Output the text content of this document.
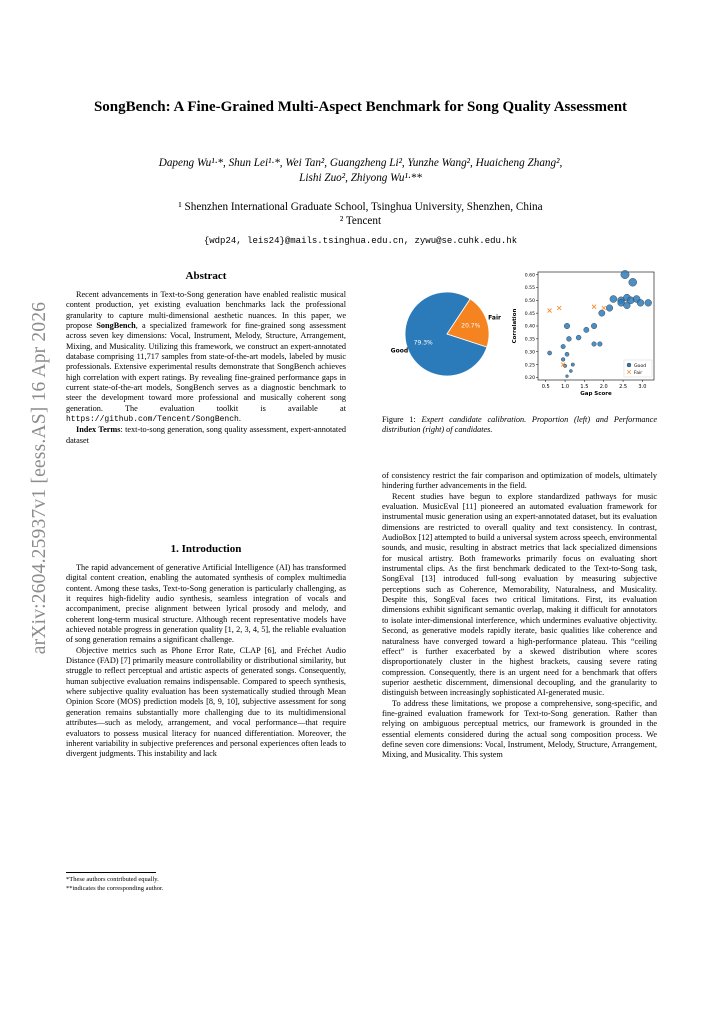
arXiv:2604.25937v1 [eess.AS] 16 Apr 2026
SongBench: A Fine-Grained Multi-Aspect Benchmark for Song Quality Assessment
Dapeng Wu¹·*, Shun Lei¹·*, Wei Tan², Guangzheng Li², Yunzhe Wang², Huaicheng Zhang²,
Lishi Zuo², Zhiyong Wu¹·**
¹ Shenzhen International Graduate School, Tsinghua University, Shenzhen, China
² Tencent
{wdp24, leis24}@mails.tsinghua.edu.cn, zywu@se.cuhk.edu.hk
Abstract

Recent advancements in Text-to-Song generation have enabled realistic musical content production, yet existing evaluation benchmarks lack the professional granularity to capture multi-dimensional aesthetic nuances. In this paper, we propose SongBench, a specialized framework for fine-grained song assessment across seven key dimensions: Vocal, Instrument, Melody, Structure, Arrangement, Mixing, and Musicality. Utilizing this framework, we construct an expert-annotated database comprising 11,717 samples from state-of-the-art models, labeled by music professionals. Extensive experimental results demonstrate that SongBench achieves high correlation with expert ratings. By revealing fine-grained performance gaps in current state-of-the-art models, SongBench serves as a diagnostic benchmark to steer the development toward more professional and musically coherent song generation. The evaluation toolkit is available at https://github.com/Tencent/SongBench.

Index Terms: text-to-song generation, song quality assessment, expert-annotated dataset

1. Introduction

The rapid advancement of generative Artificial Intelligence (AI) has transformed digital content creation, enabling the automated synthesis of complex multimedia content. Among these tasks, Text-to-Song generation is particularly challenging, as it requires high-fidelity audio synthesis, seamless integration of vocals and accompaniment, precise alignment between lyrical prosody and melody, and coherent long-term musical structure. Although recent representative models have achieved notable progress in generation quality [1, 2, 3, 4, 5], the reliable evaluation of song generation remains a significant challenge.

Objective metrics such as Phone Error Rate, CLAP [6], and Fréchet Audio Distance (FAD) [7] primarily measure controllability or distributional similarity, but struggle to reflect perceptual and artistic aspects of generated songs. Consequently, human subjective evaluation remains indispensable. Compared to speech synthesis, where subjective quality evaluation has been systematically studied through Mean Opinion Score (MOS) prediction models [8, 9, 10], subjective assessment for song generation remains substantially more challenging due to its multidimensional attributes—such as melody, arrangement, and vocal performance—that require evaluators to possess musical literacy for nuanced differentiation. Moreover, the inherent variability in subjective preferences and personal experiences often leads to divergent judgments. This instability and lack

*These authors contributed equally.
**indicates the corresponding author.
79.3%
Good
20.7%
Fair
0.5 1.0 1.5 2.0 2.5 3.0
0.20
0.25
0.30
0.35
0.40
0.45
0.50
0.55
0.60
Gap Score
Correlation
Good
Fair
Figure 1: Expert candidate calibration. Proportion (left) and Performance distribution (right) of candidates.

of consistency restrict the fair comparison and optimization of models, ultimately hindering further advancements in the field.

Recent studies have begun to explore standardized pathways for music evaluation. MusicEval [11] pioneered an automated evaluation framework for instrumental music generation using an expert-annotated dataset, but its evaluation dimensions are restricted to overall quality and text consistency. In contrast, AudioBox [12] attempted to build a universal system across speech, environmental sounds, and music, resulting in abstract metrics that lack specialized dimensions for musical artistry. Both frameworks primarily focus on evaluating short instrumental clips. As the first benchmark dedicated to the Text-to-Song task, SongEval [13] introduced full-song evaluation by measuring subjective perceptions such as Coherence, Memorability, Naturalness, and Musicality. Despite this, SongEval faces two critical limitations. First, its evaluation dimensions exhibit significant semantic overlap, making it difficult for annotators to isolate inter-dimensional interference, which undermines evaluative objectivity. Second, as generative models rapidly iterate, basic qualities like coherence and naturalness have converged toward a high-performance plateau. This “ceiling effect” is further exacerbated by a skewed distribution where scores disproportionately cluster in the highest brackets, causing severe rating compression. Consequently, there is an urgent need for a benchmark that offers superior aesthetic discernment, dimensional decoupling, and the granularity to distinguish between increasingly sophisticated AI-generated music.

To address these limitations, we propose a comprehensive, song-specific, and fine-grained evaluation framework for Text-to-Song generation. Rather than relying on ambiguous perceptual metrics, our framework is grounded in the essential elements considered during the actual song composition process. We define seven core dimensions: Vocal, Instrument, Melody, Structure, Arrangement, Mixing, and Musicality. This system
